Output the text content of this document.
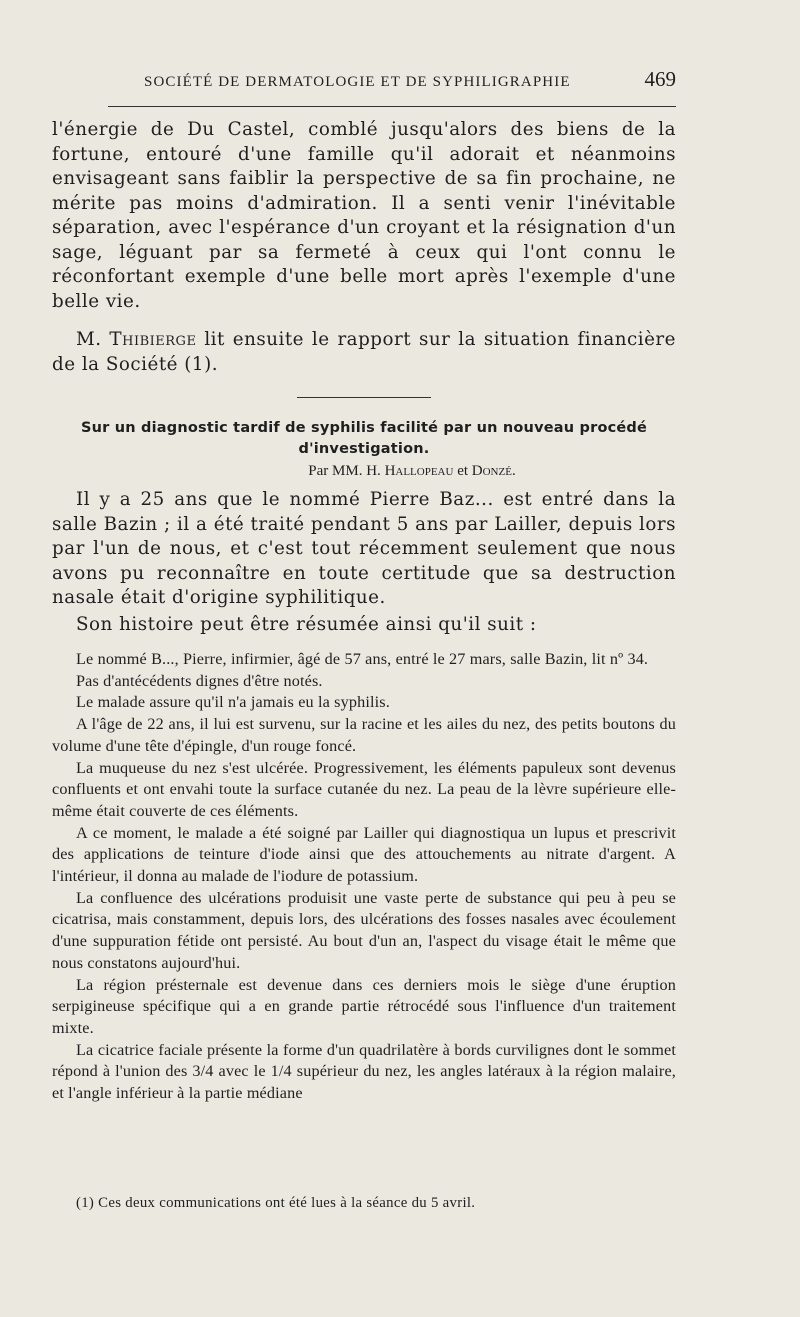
SOCIÉTÉ DE DERMATOLOGIE ET DE SYPHILIGRAPHIE	469

l'énergie de Du Castel, comblé jusqu'alors des biens de la fortune, entouré d'une famille qu'il adorait et néanmoins envisageant sans faiblir la perspective de sa fin prochaine, ne mérite pas moins d'admiration. Il a senti venir l'inévitable séparation, avec l'espérance d'un croyant et la résignation d'un sage, léguant par sa fermeté à ceux qui l'ont connu le réconfortant exemple d'une belle mort après l'exemple d'une belle vie.

M. Thibierge lit ensuite le rapport sur la situation financière de la Société (1).

Sur un diagnostic tardif de syphilis facilité par un nouveau procédé
d'investigation.
Par MM. H. Hallopeau et Donzé.

Il y a 25 ans que le nommé Pierre Baz... est entré dans la salle Bazin ; il a été traité pendant 5 ans par Lailler, depuis lors par l'un de nous, et c'est tout récemment seulement que nous avons pu reconnaître en toute certitude que sa destruction nasale était d'origine syphilitique.

Son histoire peut être résumée ainsi qu'il suit :

Le nommé B..., Pierre, infirmier, âgé de 57 ans, entré le 27 mars, salle Bazin, lit nº 34.

Pas d'antécédents dignes d'être notés.

Le malade assure qu'il n'a jamais eu la syphilis.

A l'âge de 22 ans, il lui est survenu, sur la racine et les ailes du nez, des petits boutons du volume d'une tête d'épingle, d'un rouge foncé.

La muqueuse du nez s'est ulcérée. Progressivement, les éléments papuleux sont devenus confluents et ont envahi toute la surface cutanée du nez. La peau de la lèvre supérieure elle-même était couverte de ces éléments.

A ce moment, le malade a été soigné par Lailler qui diagnostiqua un lupus et prescrivit des applications de teinture d'iode ainsi que des attouchements au nitrate d'argent. A l'intérieur, il donna au malade de l'iodure de potassium.

La confluence des ulcérations produisit une vaste perte de substance qui peu à peu se cicatrisa, mais constamment, depuis lors, des ulcérations des fosses nasales avec écoulement d'une suppuration fétide ont persisté. Au bout d'un an, l'aspect du visage était le même que nous constatons aujourd'hui.

La région présternale est devenue dans ces derniers mois le siège d'une éruption serpigineuse spécifique qui a en grande partie rétrocédé sous l'influence d'un traitement mixte.

La cicatrice faciale présente la forme d'un quadrilatère à bords curvilignes dont le sommet répond à l'union des 3/4 avec le 1/4 supérieur du nez, les angles latéraux à la région malaire, et l'angle inférieur à la partie médiane

(1) Ces deux communications ont été lues à la séance du 5 avril.
